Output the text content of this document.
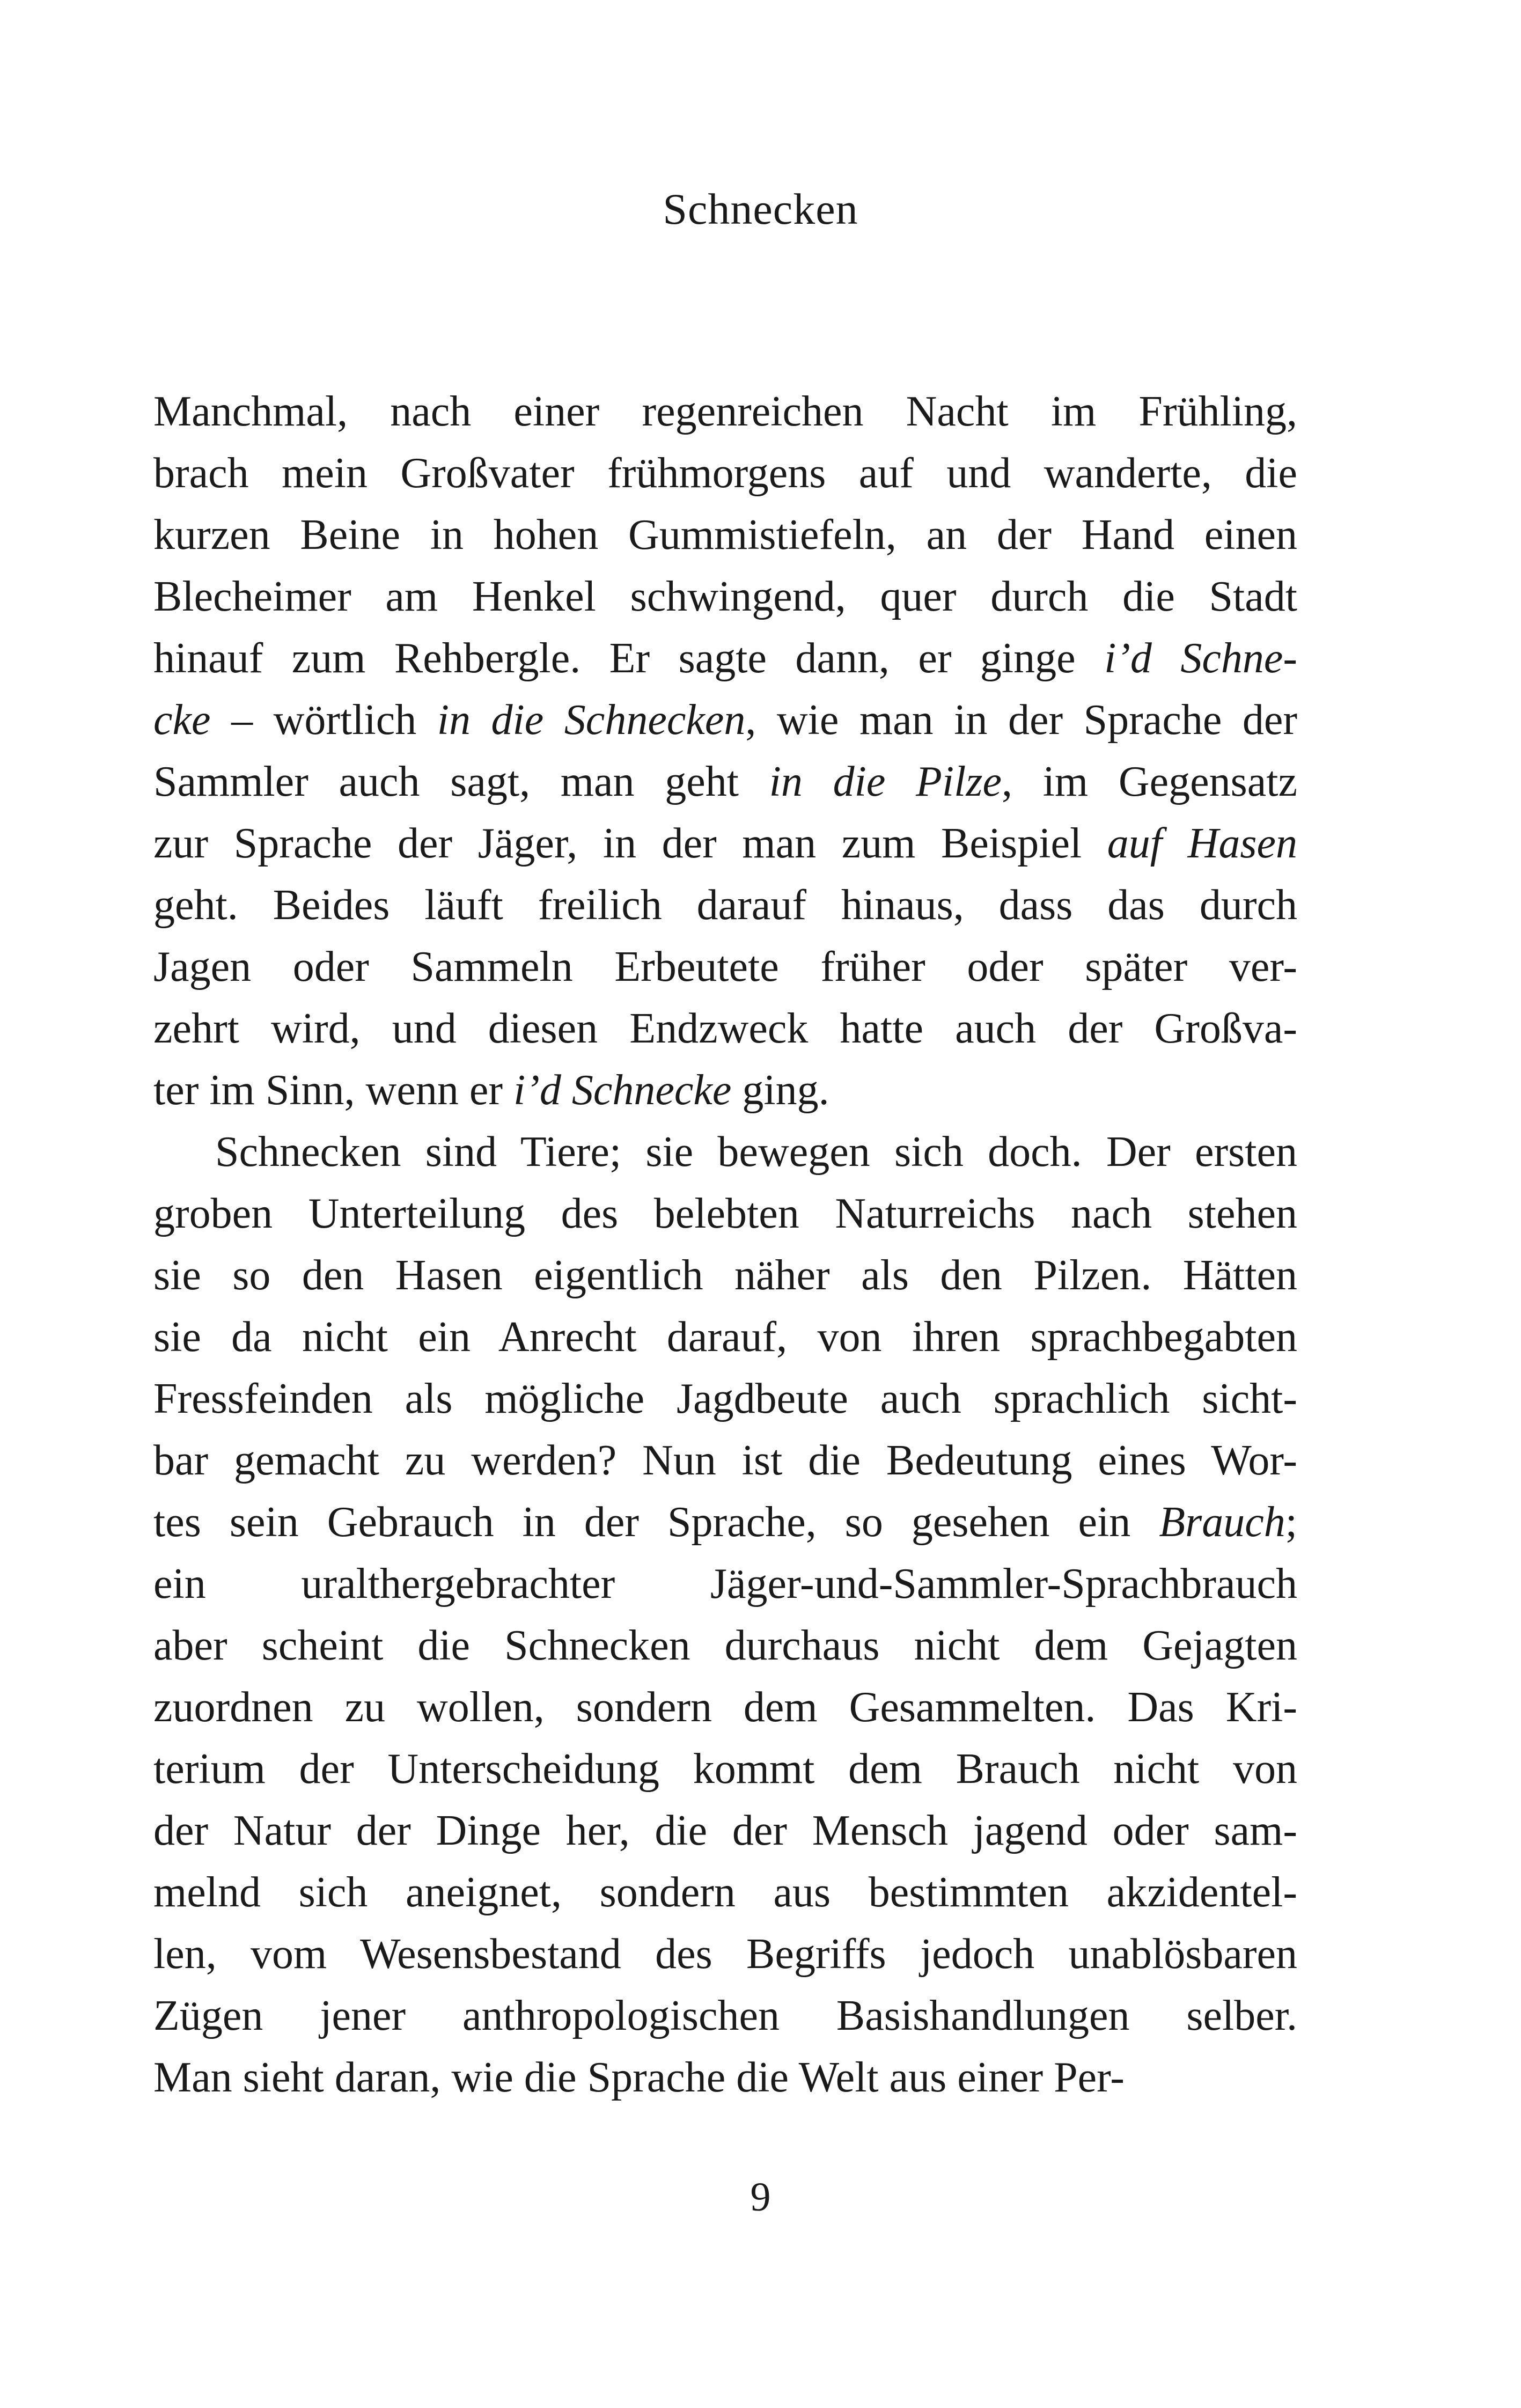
Schnecken
Manchmal, nach einer regenreichen Nacht im Frühling,
brach mein Großvater frühmorgens auf und wanderte, die
kurzen Beine in hohen Gummistiefeln, an der Hand einen
Blecheimer am Henkel schwingend, quer durch die Stadt
hinauf zum Rehbergle. Er sagte dann, er ginge i’d Schne-
cke – wörtlich in die Schnecken, wie man in der Sprache der
Sammler auch sagt, man geht in die Pilze, im Gegensatz
zur Sprache der Jäger, in der man zum Beispiel auf Hasen
geht. Beides läuft freilich darauf hinaus, dass das durch
Jagen oder Sammeln Erbeutete früher oder später ver-
zehrt wird, und diesen Endzweck hatte auch der Großva-
ter im Sinn, wenn er i’d Schnecke ging.
Schnecken sind Tiere; sie bewegen sich doch. Der ersten
groben Unterteilung des belebten Naturreichs nach stehen
sie so den Hasen eigentlich näher als den Pilzen. Hätten
sie da nicht ein Anrecht darauf, von ihren sprachbegabten
Fressfeinden als mögliche Jagdbeute auch sprachlich sicht-
bar gemacht zu werden? Nun ist die Bedeutung eines Wor-
tes sein Gebrauch in der Sprache, so gesehen ein Brauch;
ein uralthergebrachter Jäger-und-Sammler-Sprachbrauch
aber scheint die Schnecken durchaus nicht dem Gejagten
zuordnen zu wollen, sondern dem Gesammelten. Das Kri-
terium der Unterscheidung kommt dem Brauch nicht von
der Natur der Dinge her, die der Mensch jagend oder sam-
melnd sich aneignet, sondern aus bestimmten akzidentel-
len, vom Wesensbestand des Begriffs jedoch unablösbaren
Zügen jener anthropologischen Basishandlungen selber.
Man sieht daran, wie die Sprache die Welt aus einer Per-
9
